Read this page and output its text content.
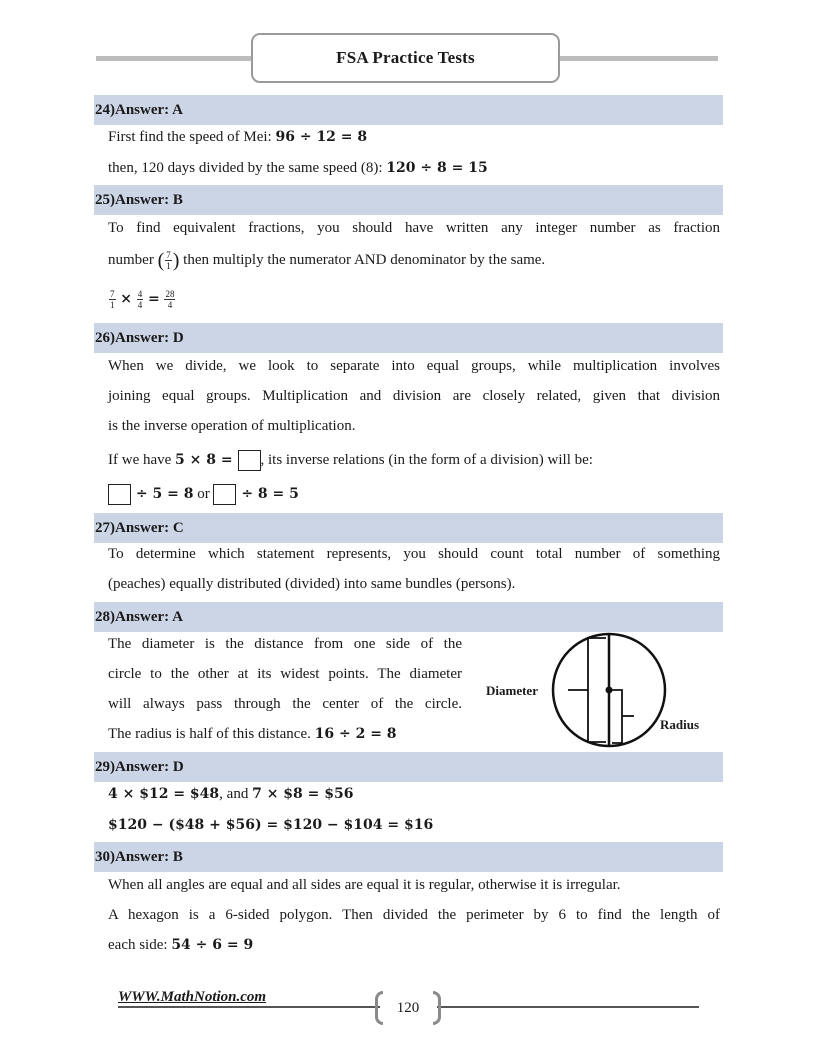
FSA Practice Tests
24)Answer: A
First find the speed of Mei: 96 ÷ 12 = 8
then, 120 days divided by the same speed (8): 120 ÷ 8 = 15
25)Answer: B
To find equivalent fractions, you should have written any integer number as fraction
number ( $\frac{7}{1}$ ) then multiply the numerator AND denominator by the same.
$\frac{7}{1} \times \frac{4}{4} = \frac{28}{4}$
26)Answer: D
When we divide, we look to separate into equal groups, while multiplication involves
joining equal groups. Multiplication and division are closely related, given that division
is the inverse operation of multiplication.
If we have 5 × 8 = , its inverse relations (in the form of a division) will be:
÷ 5 = 8 or  ÷ 8 = 5
27)Answer: C
To determine which statement represents, you should count total number of something
(peaches) equally distributed (divided) into same bundles (persons).
28)Answer: A
The diameter is the distance from one side of the
circle to the other at its widest points. The diameter
will always pass through the center of the circle.
The radius is half of this distance. 16 ÷ 2 = 8
Diameter
Radius
29)Answer: D
4 × $12 = $48, and 7 × $8 = $56
$120 − ($48 + $56) = $120 − $104 = $16
30)Answer: B
When all angles are equal and all sides are equal it is regular, otherwise it is irregular.
A hexagon is a 6-sided polygon. Then divided the perimeter by 6 to find the length of
each side: 54 ÷ 6 = 9
WWW.MathNotion.com
120
